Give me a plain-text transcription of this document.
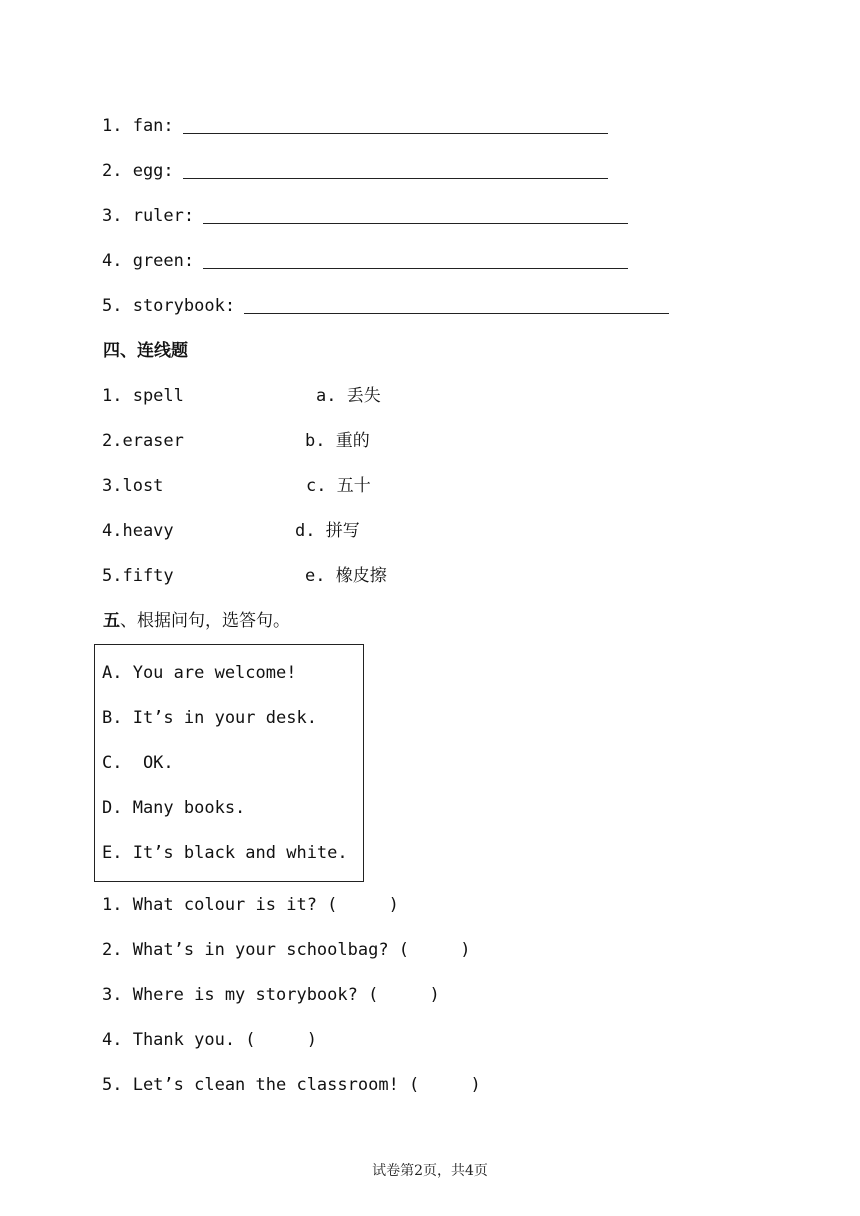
1. fan:
2. egg:
3. ruler:
4. green:
5. storybook:
四、连线题
1. spell	a. 丢失
2.eraser	b. 重的
3.lost	c. 五十
4.heavy	d. 拼写
5.fifty	e. 橡皮擦
五、根据问句，选答句。
A. You are welcome!
B. It’s in your desk.
C.  OK.
D. Many books.
E. It’s black and white.
1. What colour is it? (     )
2. What’s in your schoolbag? (     )
3. Where is my storybook? (     )
4. Thank you. (     )
5. Let’s clean the classroom! (     )
试卷第2页，共4页
